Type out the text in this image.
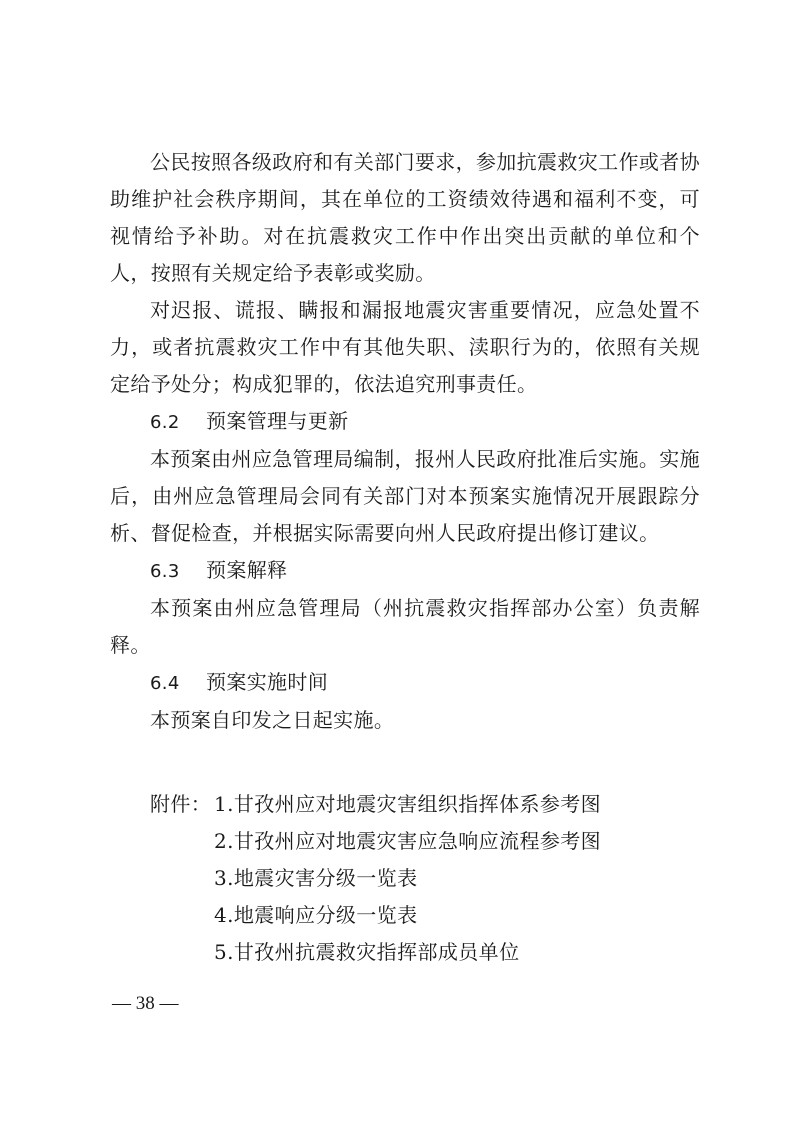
公民按照各级政府和有关部门要求，参加抗震救灾工作或者协助维护社会秩序期间，其在单位的工资绩效待遇和福利不变，可视情给予补助。对在抗震救灾工作中作出突出贡献的单位和个人，按照有关规定给予表彰或奖励。

对迟报、谎报、瞒报和漏报地震灾害重要情况，应急处置不力，或者抗震救灾工作中有其他失职、渎职行为的，依照有关规定给予处分；构成犯罪的，依法追究刑事责任。

6.2 预案管理与更新

本预案由州应急管理局编制，报州人民政府批准后实施。实施后，由州应急管理局会同有关部门对本预案实施情况开展跟踪分析、督促检查，并根据实际需要向州人民政府提出修订建议。

6.3 预案解释

本预案由州应急管理局（州抗震救灾指挥部办公室）负责解释。

6.4 预案实施时间

本预案自印发之日起实施。

附件： 1.甘孜州应对地震灾害组织指挥体系参考图
2.甘孜州应对地震灾害应急响应流程参考图
3.地震灾害分级一览表
4.地震响应分级一览表
5.甘孜州抗震救灾指挥部成员单位
— 38 —
